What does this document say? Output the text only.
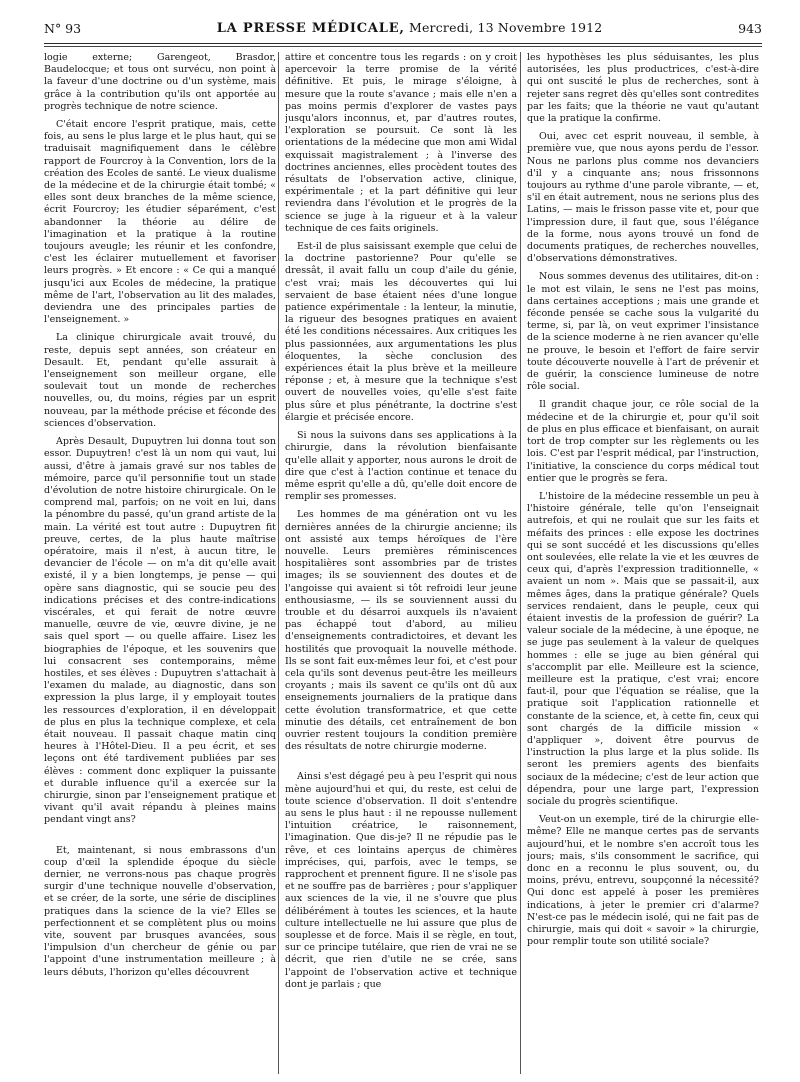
N° 93	LA PRESSE MÉDICALE, Mercredi, 13 Novembre 1912	943

logie externe; Garengeot, Brasdor, Baudelocque; et tous ont survécu, non point à la faveur d'une doctrine ou d'un système, mais grâce à la contribution qu'ils ont apportée au progrès technique de notre science.

C'était encore l'esprit pratique, mais, cette fois, au sens le plus large et le plus haut, qui se traduisait magnifiquement dans le célèbre rapport de Fourcroy à la Convention, lors de la création des Ecoles de santé. Le vieux dualisme de la médecine et de la chirurgie était tombé; « elles sont deux branches de la même science, écrit Fourcroy; les étudier séparément, c'est abandonner la théorie au délire de l'imagination et la pratique à la routine toujours aveugle; les réunir et les confondre, c'est les éclairer mutuellement et favoriser leurs progrès. » Et encore : « Ce qui a manqué jusqu'ici aux Ecoles de médecine, la pratique même de l'art, l'observation au lit des malades, deviendra une des principales parties de l'enseignement. »

La clinique chirurgicale avait trouvé, du reste, depuis sept années, son créateur en Desault. Et, pendant qu'elle assurait à l'enseignement son meilleur organe, elle soulevait tout un monde de recherches nouvelles, ou, du moins, régies par un esprit nouveau, par la méthode précise et féconde des sciences d'observation.

Après Desault, Dupuytren lui donna tout son essor. Dupuytren! c'est là un nom qui vaut, lui aussi, d'être à jamais gravé sur nos tables de mémoire, parce qu'il personnifie tout un stade d'évolution de notre histoire chirurgicale. On le comprend mal, parfois; on ne voit en lui, dans la pénombre du passé, qu'un grand artiste de la main. La vérité est tout autre : Dupuytren fit preuve, certes, de la plus haute maîtrise opératoire, mais il n'est, à aucun titre, le devancier de l'école — on m'a dit qu'elle avait existé, il y a bien longtemps, je pense — qui opère sans diagnostic, qui se soucie peu des indications précises et des contre-indications viscérales, et qui ferait de notre œuvre manuelle, œuvre de vie, œuvre divine, je ne sais quel sport — ou quelle affaire. Lisez les biographies de l'époque, et les souvenirs que lui consacrent ses contemporains, même hostiles, et ses élèves : Dupuytren s'attachait à l'examen du malade, au diagnostic, dans son expression la plus large, il y employait toutes les ressources d'exploration, il en développait de plus en plus la technique complexe, et cela était nouveau. Il passait chaque matin cinq heures à l'Hôtel-Dieu. Il a peu écrit, et ses leçons ont été tardivement publiées par ses élèves : comment donc expliquer la puissante et durable influence qu'il a exercée sur la chirurgie, sinon par l'enseignement pratique et vivant qu'il avait répandu à pleines mains pendant vingt ans?

Et, maintenant, si nous embrassons d'un coup d'œil la splendide époque du siècle dernier, ne verrons-nous pas chaque progrès surgir d'une technique nouvelle d'observation, et se créer, de la sorte, une série de disciplines pratiques dans la science de la vie? Elles se perfectionnent et se complètent plus ou moins vite, souvent par brusques avancées, sous l'impulsion d'un chercheur de génie ou par l'appoint d'une instrumentation meilleure ; à leurs débuts, l'horizon qu'elles découvrent

attire et concentre tous les regards : on y croit apercevoir la terre promise de la vérité définitive. Et puis, le mirage s'éloigne, à mesure que la route s'avance ; mais elle n'en a pas moins permis d'explorer de vastes pays jusqu'alors inconnus, et, par d'autres routes, l'exploration se poursuit. Ce sont là les orientations de la médecine que mon ami Widal exquissait magistralement ; à l'inverse des doctrines anciennes, elles procèdent toutes des résultats de l'observation active, clinique, expérimentale ; et la part définitive qui leur reviendra dans l'évolution et le progrès de la science se juge à la rigueur et à la valeur technique de ces faits originels.

Est-il de plus saisissant exemple que celui de la doctrine pastorienne? Pour qu'elle se dressât, il avait fallu un coup d'aile du génie, c'est vrai; mais les découvertes qui lui servaient de base étaient nées d'une longue patience expérimentale : la lenteur, la minutie, la rigueur des besognes pratiques en avaient été les conditions nécessaires. Aux critiques les plus passionnées, aux argumentations les plus éloquentes, la sèche conclusion des expériences était la plus brève et la meilleure réponse ; et, à mesure que la technique s'est ouvert de nouvelles voies, qu'elle s'est faite plus sûre et plus pénétrante, la doctrine s'est élargie et précisée encore.

Si nous la suivons dans ses applications à la chirurgie, dans la révolution bienfaisante qu'elle allait y apporter, nous aurons le droit de dire que c'est à l'action continue et tenace du même esprit qu'elle a dû, qu'elle doit encore de remplir ses promesses.

Les hommes de ma génération ont vu les dernières années de la chirurgie ancienne; ils ont assisté aux temps héroïques de l'ère nouvelle. Leurs premières réminiscences hospitalières sont assombries par de tristes images; ils se souviennent des doutes et de l'angoisse qui avaient si tôt refroidi leur jeune enthousiasme, — ils se souviennent aussi du trouble et du désarroi auxquels ils n'avaient pas échappé tout d'abord, au milieu d'enseignements contradictoires, et devant les hostilités que provoquait la nouvelle méthode. Ils se sont fait eux-mêmes leur foi, et c'est pour cela qu'ils sont devenus peut-être les meilleurs croyants ; mais ils savent ce qu'ils ont dû aux enseignements journaliers de la pratique dans cette évolution transformatrice, et que cette minutie des détails, cet entraînement de bon ouvrier restent toujours la condition première des résultats de notre chirurgie moderne.

Ainsi s'est dégagé peu à peu l'esprit qui nous mène aujourd'hui et qui, du reste, est celui de toute science d'observation. Il doit s'entendre au sens le plus haut : il ne repousse nullement l'intuition créatrice, le raisonnement, l'imagination. Que dis-je? Il ne répudie pas le rêve, et ces lointains aperçus de chimères imprécises, qui, parfois, avec le temps, se rapprochent et prennent figure. Il ne s'isole pas et ne souffre pas de barrières ; pour s'appliquer aux sciences de la vie, il ne s'ouvre que plus délibérément à toutes les sciences, et la haute culture intellectuelle ne lui assure que plus de souplesse et de force. Mais il se règle, en tout, sur ce principe tutélaire, que rien de vrai ne se décrit, que rien d'utile ne se crée, sans l'appoint de l'observation active et technique dont je parlais ; que

les hypothèses les plus séduisantes, les plus autorisées, les plus productrices, c'est-à-dire qui ont suscité le plus de recherches, sont à rejeter sans regret dès qu'elles sont contredites par les faits; que la théorie ne vaut qu'autant que la pratique la confirme.

Oui, avec cet esprit nouveau, il semble, à première vue, que nous ayons perdu de l'essor. Nous ne parlons plus comme nos devanciers d'il y a cinquante ans; nous frissonnons toujours au rythme d'une parole vibrante, — et, s'il en était autrement, nous ne serions plus des Latins, — mais le frisson passe vite et, pour que l'impression dure, il faut que, sous l'élégance de la forme, nous ayons trouvé un fond de documents pratiques, de recherches nouvelles, d'observations démonstratives.

Nous sommes devenus des utilitaires, dit-on : le mot est vilain, le sens ne l'est pas moins, dans certaines acceptions ; mais une grande et féconde pensée se cache sous la vulgarité du terme, si, par là, on veut exprimer l'insistance de la science moderne à ne rien avancer qu'elle ne prouve, le besoin et l'effort de faire servir toute découverte nouvelle à l'art de prévenir et de guérir, la conscience lumineuse de notre rôle social.

Il grandit chaque jour, ce rôle social de la médecine et de la chirurgie et, pour qu'il soit de plus en plus efficace et bienfaisant, on aurait tort de trop compter sur les règlements ou les lois. C'est par l'esprit médical, par l'instruction, l'initiative, la conscience du corps médical tout entier que le progrès se fera.

L'histoire de la médecine ressemble un peu à l'histoire générale, telle qu'on l'enseignait autrefois, et qui ne roulait que sur les faits et méfaits des princes : elle expose les doctrines qui se sont succédé et les discussions qu'elles ont soulevées, elle relate la vie et les œuvres de ceux qui, d'après l'expression traditionnelle, « avaient un nom ». Mais que se passait-il, aux mêmes âges, dans la pratique générale? Quels services rendaient, dans le peuple, ceux qui étaient investis de la profession de guérir? La valeur sociale de la médecine, à une époque, ne se juge pas seulement à la valeur de quelques hommes : elle se juge au bien général qui s'accomplit par elle. Meilleure est la science, meilleure est la pratique, c'est vrai; encore faut-il, pour que l'équation se réalise, que la pratique soit l'application rationnelle et constante de la science, et, à cette fin, ceux qui sont chargés de la difficile mission « d'appliquer », doivent être pourvus de l'instruction la plus large et la plus solide. Ils seront les premiers agents des bienfaits sociaux de la médecine; c'est de leur action que dépendra, pour une large part, l'expression sociale du progrès scientifique.

Veut-on un exemple, tiré de la chirurgie elle-même? Elle ne manque certes pas de servants aujourd'hui, et le nombre s'en accroît tous les jours; mais, s'ils consomment le sacrifice, qui donc en a reconnu le plus souvent, ou, du moins, prévu, entrevu, soupçonné la nécessité? Qui donc est appelé à poser les premières indications, à jeter le premier cri d'alarme? N'est-ce pas le médecin isolé, qui ne fait pas de chirurgie, mais qui doit « savoir » la chirurgie, pour remplir toute son utilité sociale?
